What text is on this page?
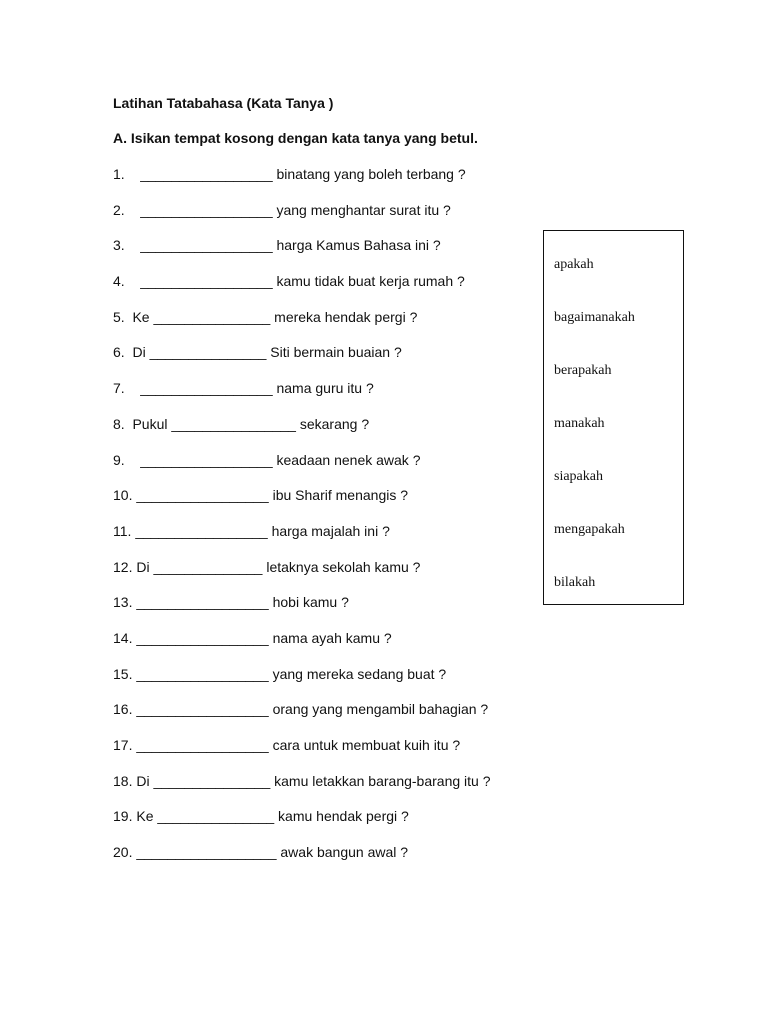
Latihan Tatabahasa (Kata Tanya )
A. Isikan tempat kosong dengan kata tanya yang betul.
1.    _________________ binatang yang boleh terbang ?
2.    _________________ yang menghantar surat itu ?
3.    _________________ harga Kamus Bahasa ini ?
4.    _________________ kamu tidak buat kerja rumah ?
5.  Ke _______________ mereka hendak pergi ?
6.  Di _______________ Siti bermain buaian ?
7.    _________________ nama guru itu ?
8.  Pukul ________________ sekarang ?
9.    _________________ keadaan nenek awak ?
10. _________________ ibu Sharif menangis ?
11. _________________ harga majalah ini ?
12. Di ______________ letaknya sekolah kamu ?
13. _________________ hobi kamu ?
14. _________________ nama ayah kamu ?
15. _________________ yang mereka sedang buat ?
16. _________________ orang yang mengambil bahagian ?
17. _________________ cara untuk membuat kuih itu ?
18. Di _______________ kamu letakkan barang-barang itu ?
19. Ke _______________ kamu hendak pergi ?
20. __________________ awak bangun awal ?
apakah
bagaimanakah
berapakah
manakah
siapakah
mengapakah
bilakah
